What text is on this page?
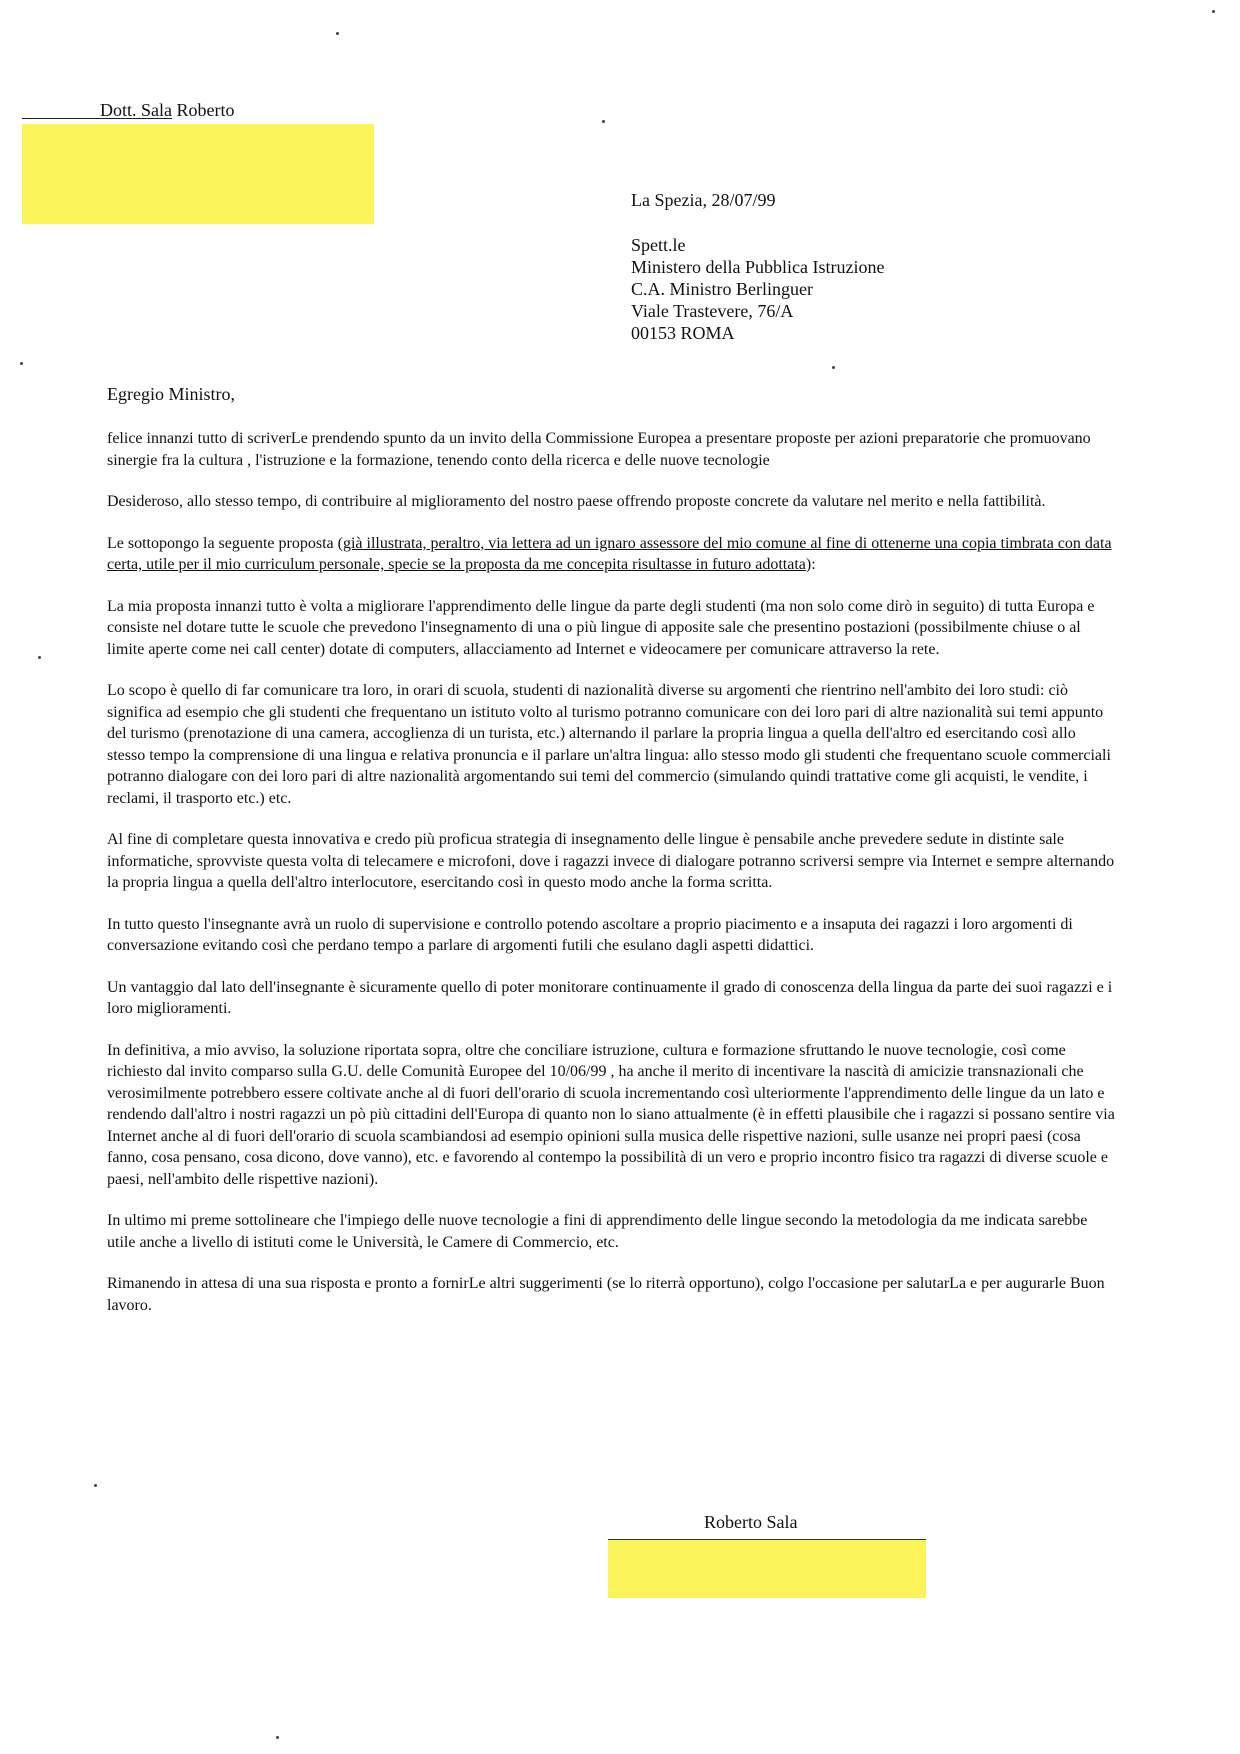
Dott. Sala Roberto
La Spezia, 28/07/99
Spett.le
Ministero della Pubblica Istruzione
C.A. Ministro Berlinguer
Viale Trastevere, 76/A
00153 ROMA
Egregio Ministro,

felice innanzi tutto di scriverLe prendendo spunto da un invito della Commissione Europea a presentare proposte per azioni preparatorie che promuovano sinergie fra la cultura , l'istruzione e la formazione, tenendo conto della ricerca e delle nuove tecnologie

Desideroso, allo stesso tempo, di contribuire al miglioramento del nostro paese offrendo proposte concrete da valutare nel merito e nella fattibilità.

Le sottopongo la seguente proposta (già illustrata, peraltro, via lettera ad un ignaro assessore del mio comune al fine di ottenerne una copia timbrata con data certa, utile per il mio curriculum personale, specie se la proposta da me concepita risultasse in futuro adottata):

La mia proposta innanzi tutto è volta a migliorare l'apprendimento delle lingue da parte degli studenti (ma non solo come dirò in seguito) di tutta Europa e consiste nel dotare tutte le scuole che prevedono l'insegnamento di una o più lingue di apposite sale che presentino postazioni (possibilmente chiuse o al limite aperte come nei call center) dotate di computers, allacciamento ad Internet e videocamere per comunicare attraverso la rete.

Lo scopo è quello di far comunicare tra loro, in orari di scuola, studenti di nazionalità diverse su argomenti che rientrino nell'ambito dei loro studi: ciò significa ad esempio che gli studenti che frequentano un istituto volto al turismo potranno comunicare con dei loro pari di altre nazionalità sui temi appunto del turismo (prenotazione di una camera, accoglienza di un turista, etc.) alternando il parlare la propria lingua a quella dell'altro ed esercitando così allo stesso tempo la comprensione di una lingua e relativa pronuncia e il parlare un'altra lingua: allo stesso modo gli studenti che frequentano scuole commerciali potranno dialogare con dei loro pari di altre nazionalità argomentando sui temi del commercio (simulando quindi trattative come gli acquisti, le vendite, i reclami, il trasporto etc.) etc.

Al fine di completare questa innovativa e credo più proficua strategia di insegnamento delle lingue è pensabile anche prevedere sedute in distinte sale informatiche, sprovviste questa volta di telecamere e microfoni, dove i ragazzi invece di dialogare potranno scriversi sempre via Internet e sempre alternando la propria lingua a quella dell'altro interlocutore, esercitando così in questo modo anche la forma scritta.

In tutto questo l'insegnante avrà un ruolo di supervisione e controllo potendo ascoltare a proprio piacimento e a insaputa dei ragazzi i loro argomenti di conversazione evitando così che perdano tempo a parlare di argomenti futili che esulano dagli aspetti didattici.

Un vantaggio dal lato dell'insegnante è sicuramente quello di poter monitorare continuamente il grado di conoscenza della lingua da parte dei suoi ragazzi e i loro miglioramenti.

In definitiva, a mio avviso, la soluzione riportata sopra, oltre che conciliare istruzione, cultura e formazione sfruttando le nuove tecnologie, così come richiesto dal invito comparso sulla G.U. delle Comunità Europee del 10/06/99 , ha anche il merito di incentivare la nascità di amicizie transnazionali che verosimilmente potrebbero essere coltivate anche al di fuori dell'orario di scuola incrementando così ulteriormente l'apprendimento delle lingue da un lato e rendendo dall'altro i nostri ragazzi un pò più cittadini dell'Europa di quanto non lo siano attualmente (è in effetti plausibile che i ragazzi si possano sentire via Internet anche al di fuori dell'orario di scuola scambiandosi ad esempio opinioni sulla musica delle rispettive nazioni, sulle usanze nei propri paesi (cosa fanno, cosa pensano, cosa dicono, dove vanno), etc. e favorendo al contempo la possibilità di un vero e proprio incontro fisico tra ragazzi di diverse scuole e paesi, nell'ambito delle rispettive nazioni).

In ultimo mi preme sottolineare che l'impiego delle nuove tecnologie a fini di apprendimento delle lingue secondo la metodologia da me indicata sarebbe utile anche a livello di istituti come le Università, le Camere di Commercio, etc.

Rimanendo in attesa di una sua risposta e pronto a fornirLe altri suggerimenti (se lo riterrà opportuno), colgo l'occasione per salutarLa e per augurarle Buon lavoro.

Roberto Sala
